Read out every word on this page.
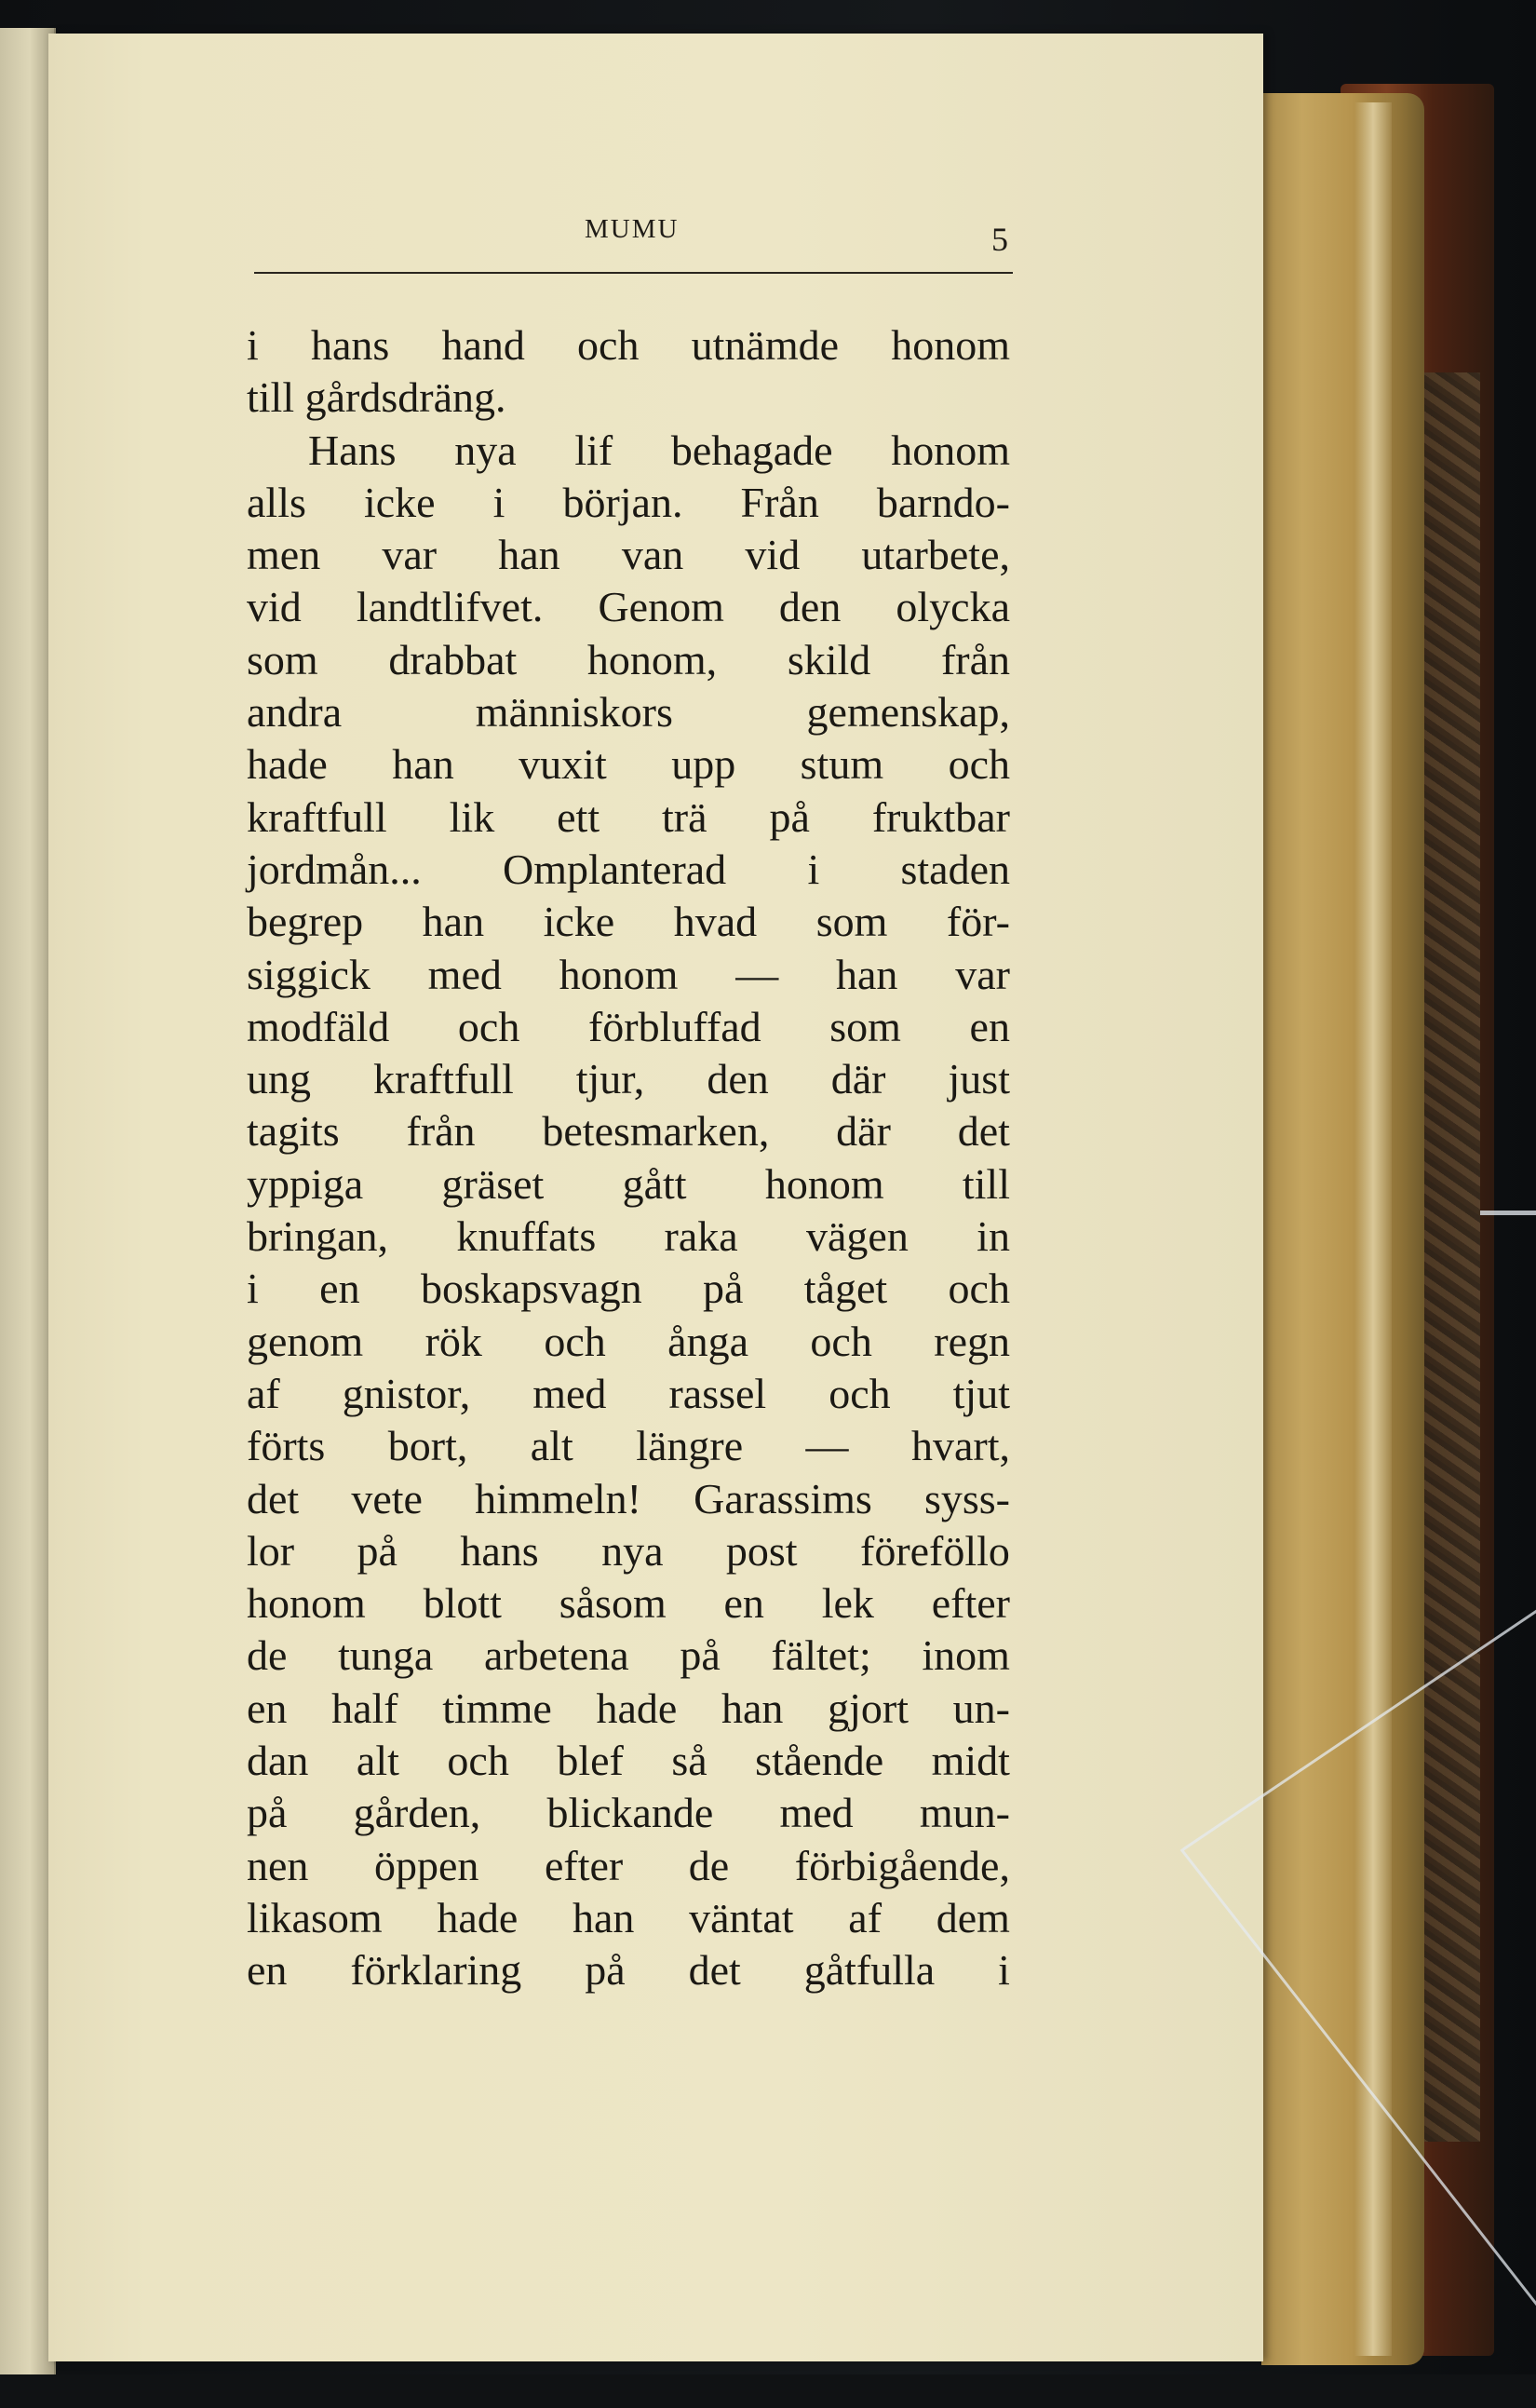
MUMU	5
i hans hand och utnämde honom
till gårdsdräng.
Hans nya lif behagade honom
alls icke i början. Från barndo-
men var han van vid utarbete,
vid landtlifvet. Genom den olycka
som drabbat honom, skild från
andra	människors	gemenskap,
hade han vuxit upp stum och
kraftfull lik ett trä på fruktbar
jordmån... Omplanterad i staden
begrep han icke hvad som för-
siggick med honom — han var
modfäld och förbluffad som en
ung kraftfull tjur, den där just
tagits från betesmarken, där det
yppiga gräset gått honom till
bringan, knuffats raka vägen in
i en boskapsvagn på tåget och
genom rök och ånga och regn
af gnistor, med rassel och tjut
förts bort, alt längre — hvart,
det vete himmeln! Garassims syss-
lor på hans nya post föreföllo
honom blott såsom en lek efter
de tunga arbetena på fältet; inom
en half timme hade han gjort un-
dan alt och blef så stående midt
på gården, blickande med mun-
nen öppen efter de förbigående,
likasom hade han väntat af dem
en förklaring på det gåtfulla i
